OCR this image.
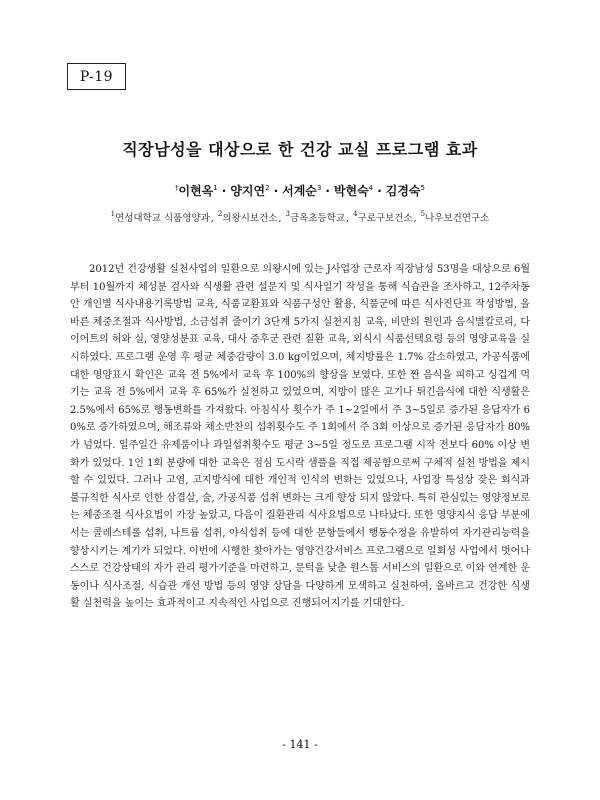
P-19
직장남성을 대상으로 한 건강 교실 프로그램 효과
†이현옥$^1$ · 양지연$^2$ · 서계순$^3$ · 박현숙$^4$ · 김경숙$^5$
$^1$연성대학교 식품영양과, $^2$의왕시보건소, $^3$금옥초등학교, $^4$구로구보건소, $^5$나우보건연구소

2012년 건강생활 실천사업의 일환으로 의왕시에 있는 J사업장 근로자 직장남성 53명을 대상으로 6월부터 10월까지 체성분 검사와 식생활 관련 설문지 및 식사일기 작성을 통해 식습관을 조사하고, 12주차동안 개인별 식사내용기록방법 교육, 식품교환표와 식품구성안 활용, 식품군에 따른 식사진단표 작성방법, 올바른 체중조절과 식사방법, 소금섭취 줄이기 3단계 5가지 실천지침 교육, 비만의 원인과 음식별칼로리, 다이어트의 허와 실, 영양성분표 교육, 대사 증후군 관련 질환 교육, 외식시 식품선택요령 등의 영양교육을 실시하였다. 프로그램 운영 후 평균 체중감량이 3.0 kg이었으며, 체지방률은 1.7% 감소하였고, 가공식품에 대한 영양표시 확인은 교육 전 5%에서 교육 후 100%의 향상을 보였다. 또한 짠 음식을 피하고 싱겁게 먹기는 교육 전 5%에서 교육 후 65%가 실천하고 있었으며, 지방이 많은 고기나 튀긴음식에 대한 식생활은 2.5%에서 65%로 행동변화를 가져왔다. 아침식사 횟수가 주 1~2일에서 주 3~5일로 증가된 응답자가 60%로 증가하였으며, 해조류와 채소반찬의 섭취횟수도 주 1회에서 주 3회 이상으로 증가된 응답자가 80%가 넘었다. 일주일간 유제품이나 과일섭취횟수도 평균 3~5일 정도로 프로그램 시작 전보다 60% 이상 변화가 있었다. 1인 1회 분량에 대한 교육은 점심 도시락 샘플을 직접 제공함으로써 구체적 실천 방법을 제시할 수 있었다. 그러나 고염, 고지방식에 대한 개인적 인식의 변화는 있었으나, 사업장 특성상 잦은 회식과 불규칙한 식사로 인한 삼겹살, 술, 가공식품 섭취 변화는 크게 향상 되지 않았다. 특히 관심있는 영양정보로는 체중조절 식사요법이 가장 높았고, 다음이 질환관리 식사요법으로 나타났다. 또한 영양지식 응답 부분에서는 콜레스테롤 섭취, 나트륨 섭취, 야식섭취 등에 대한 문항들에서 행동수정을 유발하여 자기관리능력을 향상시키는 계기가 되었다. 이번에 시행한 찾아가는 영양건강서비스 프로그램으로 일회성 사업에서 벗어나 스스로 건강상태의 자가 관리 평가기준을 마련하고, 문턱을 낮춘 원스톱 서비스의 일환으로 이와 연계한 운동이나 식사조절, 식습관 개선 방법 등의 영양 상담을 다양하게 모색하고 실천하여, 올바르고 건강한 식생활 실천력을 높이는 효과적이고 지속적인 사업으로 진행되어지기를 기대한다.

- 141 -
